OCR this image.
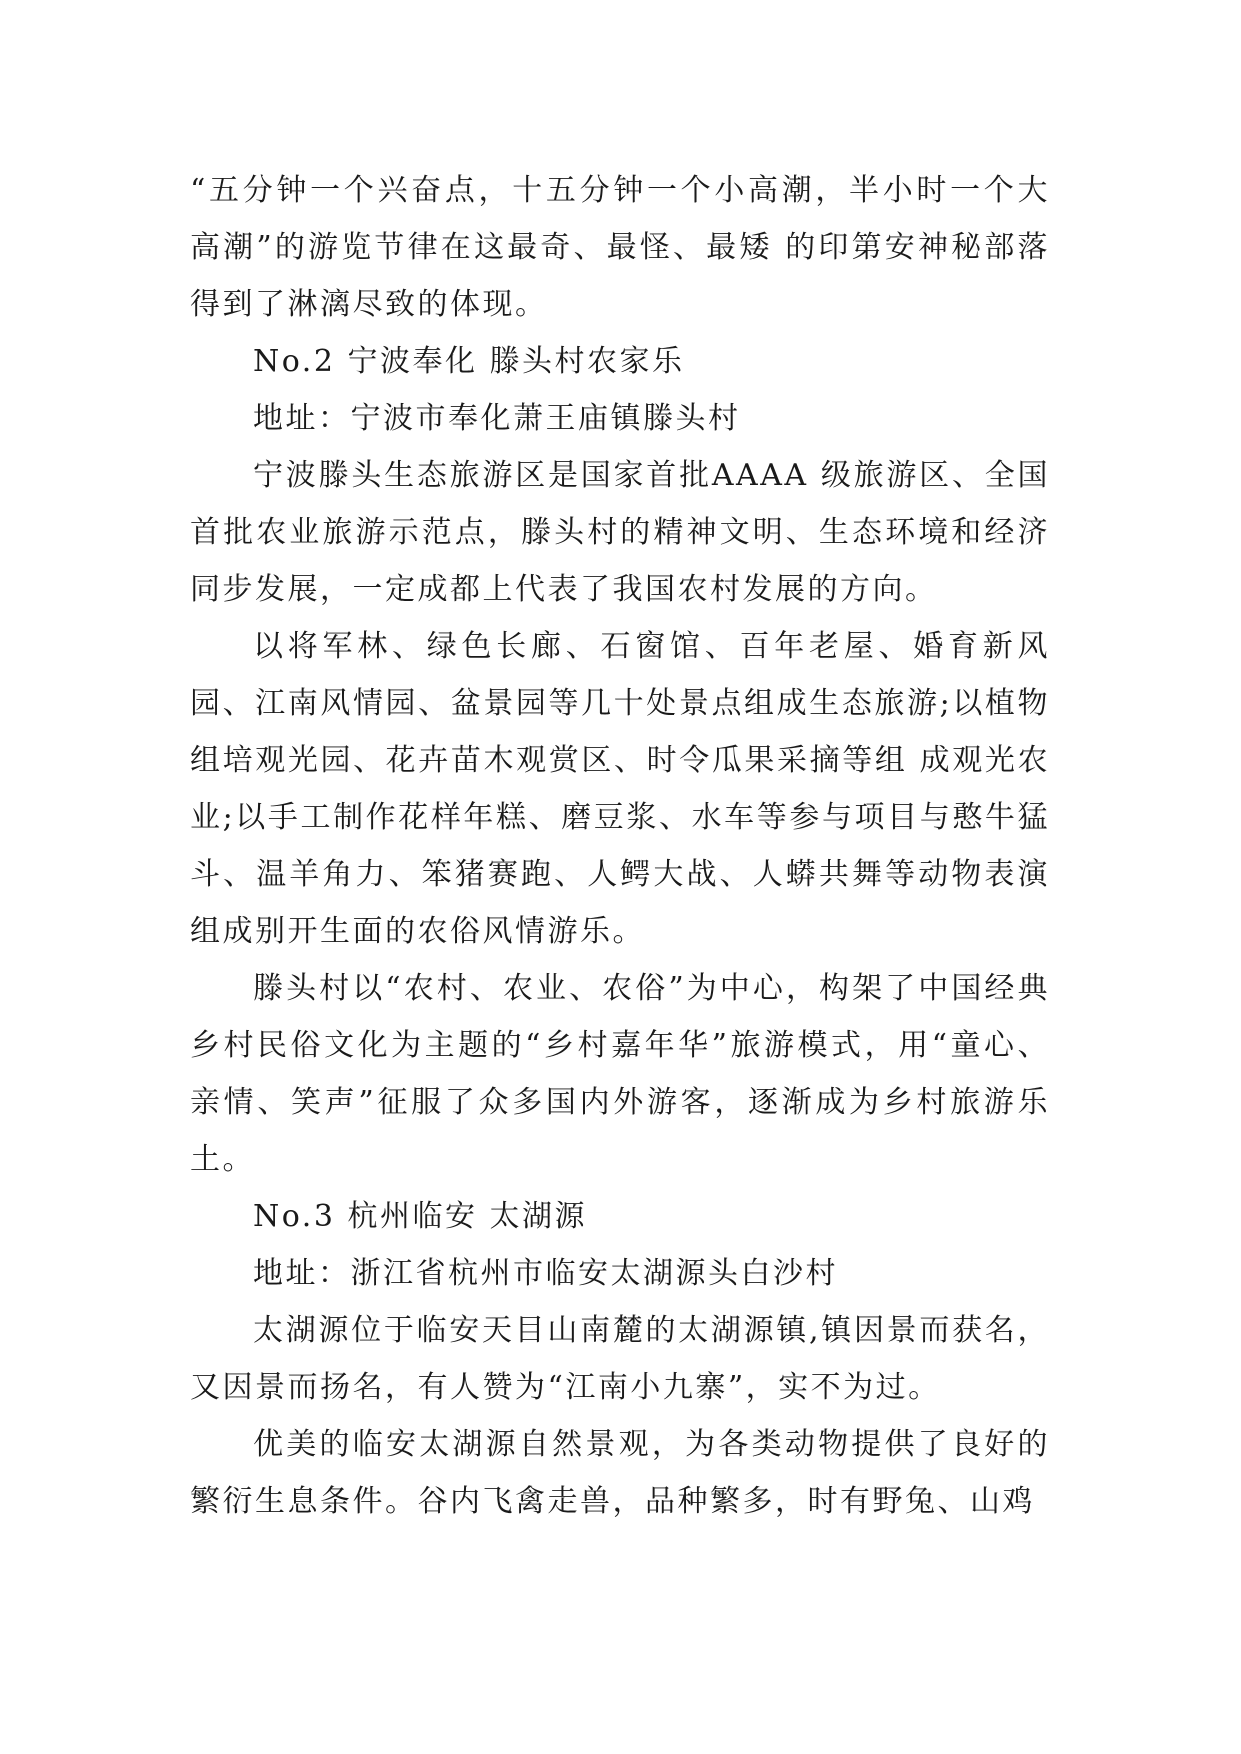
“五分钟一个兴奋点，十五分钟一个小高潮，半小时一个大高潮”的游览节律在这最奇、最怪、最矮 的印第安神秘部落得到了淋漓尽致的体现。

No.2 宁波奉化 滕头村农家乐

地址：宁波市奉化萧王庙镇滕头村

宁波滕头生态旅游区是国家首批AAAA 级旅游区、全国首批农业旅游示范点，滕头村的精神文明、生态环境和经济同步发展，一定成都上代表了我国农村发展的方向。

以将军林、绿色长廊、石窗馆、百年老屋、婚育新风园、江南风情园、盆景园等几十处景点组成生态旅游;以植物组培观光园、花卉苗木观赏区、时令瓜果采摘等组 成观光农业;以手工制作花样年糕、磨豆浆、水车等参与项目与憨牛猛斗、温羊角力、笨猪赛跑、人鳄大战、人蟒共舞等动物表演组成别开生面的农俗风情游乐。

滕头村以“农村、农业、农俗”为中心，构架了中国经典乡村民俗文化为主题的“乡村嘉年华”旅游模式，用“童心、亲情、笑声”征服了众多国内外游客，逐渐成为乡村旅游乐土。

No.3 杭州临安 太湖源

地址：浙江省杭州市临安太湖源头白沙村

太湖源位于临安天目山南麓的太湖源镇,镇因景而获名，又因景而扬名，有人赞为“江南小九寨”，实不为过。

优美的临安太湖源自然景观，为各类动物提供了良好的繁衍生息条件。谷内飞禽走兽，品种繁多，时有野兔、山鸡
